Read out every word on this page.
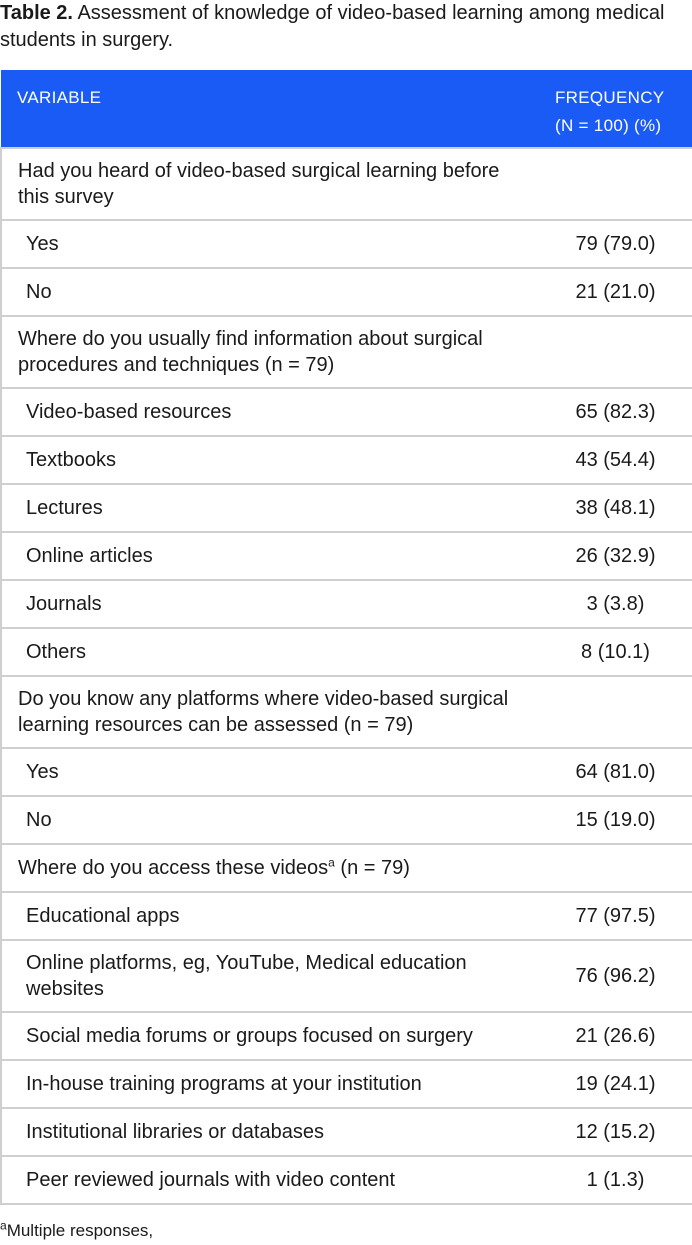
Table 2. Assessment of knowledge of video-based learning among medical students in surgery.
VARIABLE	FREQUENCY
(N = 100) (%)

Had you heard of video-based surgical learning before this survey	
Yes	79 (79.0)
No	21 (21.0)
Where do you usually find information about surgical procedures and techniques (n = 79)	
Video-based resources	65 (82.3)
Textbooks	43 (54.4)
Lectures	38 (48.1)
Online articles	26 (32.9)
Journals	3 (3.8)
Others	8 (10.1)
Do you know any platforms where video-based surgical learning resources can be assessed (n = 79)	
Yes	64 (81.0)
No	15 (19.0)
Where do you access these videos$^a$ (n = 79)	
Educational apps	77 (97.5)
Online platforms, eg, YouTube, Medical education websites	76 (96.2)
Social media forums or groups focused on surgery	21 (26.6)
In-house training programs at your institution	19 (24.1)
Institutional libraries or databases	12 (15.2)
Peer reviewed journals with video content	1 (1.3)
$^a$Multiple responses,
